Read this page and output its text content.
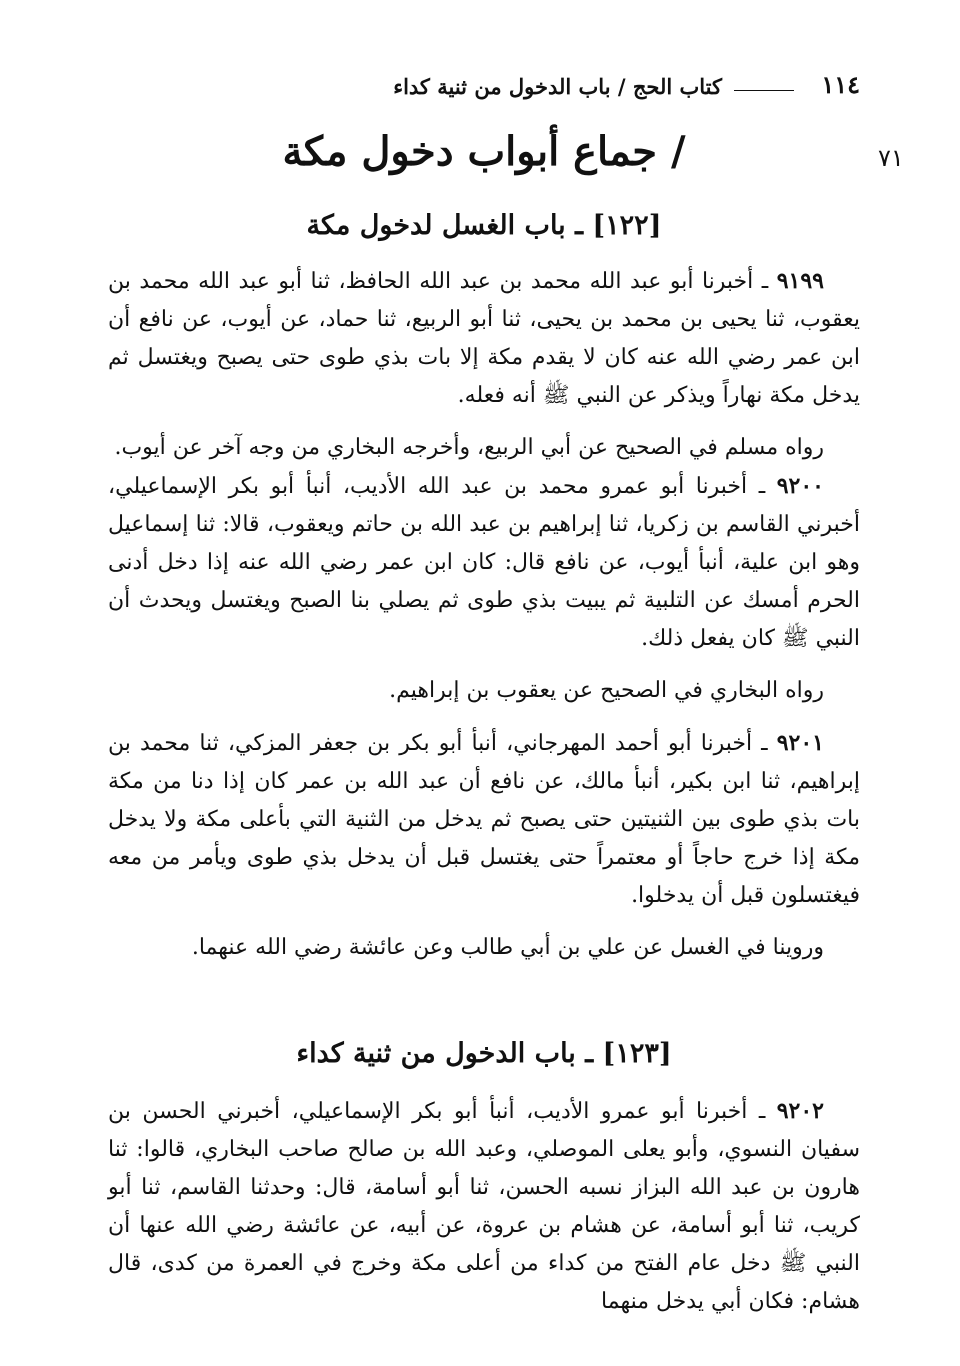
١١٤
كتاب الحج / باب الدخول من ثنية كداء
٧١
/ جماع أبواب دخول مكة
[١٢٢] ـ باب الغسل لدخول مكة

٩١٩٩ ـ أخبرنا أبو عبد الله محمد بن عبد الله الحافظ، ثنا أبو عبد الله محمد بن يعقوب، ثنا يحيى بن محمد بن يحيى، ثنا أبو الربيع، ثنا حماد، عن أيوب، عن نافع أن ابن عمر رضي الله عنه كان لا يقدم مكة إلا بات بذي طوى حتى يصبح ويغتسل ثم يدخل مكة نهاراً ويذكر عن النبي ﷺ أنه فعله.

رواه مسلم في الصحيح عن أبي الربيع، وأخرجه البخاري من وجه آخر عن أيوب.

٩٢٠٠ ـ أخبرنا أبو عمرو محمد بن عبد الله الأديب، أنبأ أبو بكر الإسماعيلي، أخبرني القاسم بن زكريا، ثنا إبراهيم بن عبد الله بن حاتم ويعقوب، قالا: ثنا إسماعيل وهو ابن علية، أنبأ أيوب، عن نافع قال: كان ابن عمر رضي الله عنه إذا دخل أدنى الحرم أمسك عن التلبية ثم يبيت بذي طوى ثم يصلي بنا الصبح ويغتسل ويحدث أن النبي ﷺ كان يفعل ذلك.

رواه البخاري في الصحيح عن يعقوب بن إبراهيم.

٩٢٠١ ـ أخبرنا أبو أحمد المهرجاني، أنبأ أبو بكر بن جعفر المزكي، ثنا محمد بن إبراهيم، ثنا ابن بكير، أنبأ مالك، عن نافع أن عبد الله بن عمر كان إذا دنا من مكة بات بذي طوى بين الثنيتين حتى يصبح ثم يدخل من الثنية التي بأعلى مكة ولا يدخل مكة إذا خرج حاجاً أو معتمراً حتى يغتسل قبل أن يدخل بذي طوى ويأمر من معه فيغتسلون قبل أن يدخلوا.

وروينا في الغسل عن علي بن أبي طالب وعن عائشة رضي الله عنهما.

[١٢٣] ـ باب الدخول من ثنية كداء

٩٢٠٢ ـ أخبرنا أبو عمرو الأديب، أنبأ أبو بكر الإسماعيلي، أخبرني الحسن بن سفيان النسوي، وأبو يعلى الموصلي، وعبد الله بن صالح صاحب البخاري، قالوا: ثنا هارون بن عبد الله البزاز نسبه الحسن، ثنا أبو أسامة، قال: وحدثنا القاسم، ثنا أبو كريب، ثنا أبو أسامة، عن هشام بن عروة، عن أبيه، عن عائشة رضي الله عنها أن النبي ﷺ دخل عام الفتح من كداء من أعلى مكة وخرج في العمرة من كدى، قال هشام: فكان أبي يدخل منهما
